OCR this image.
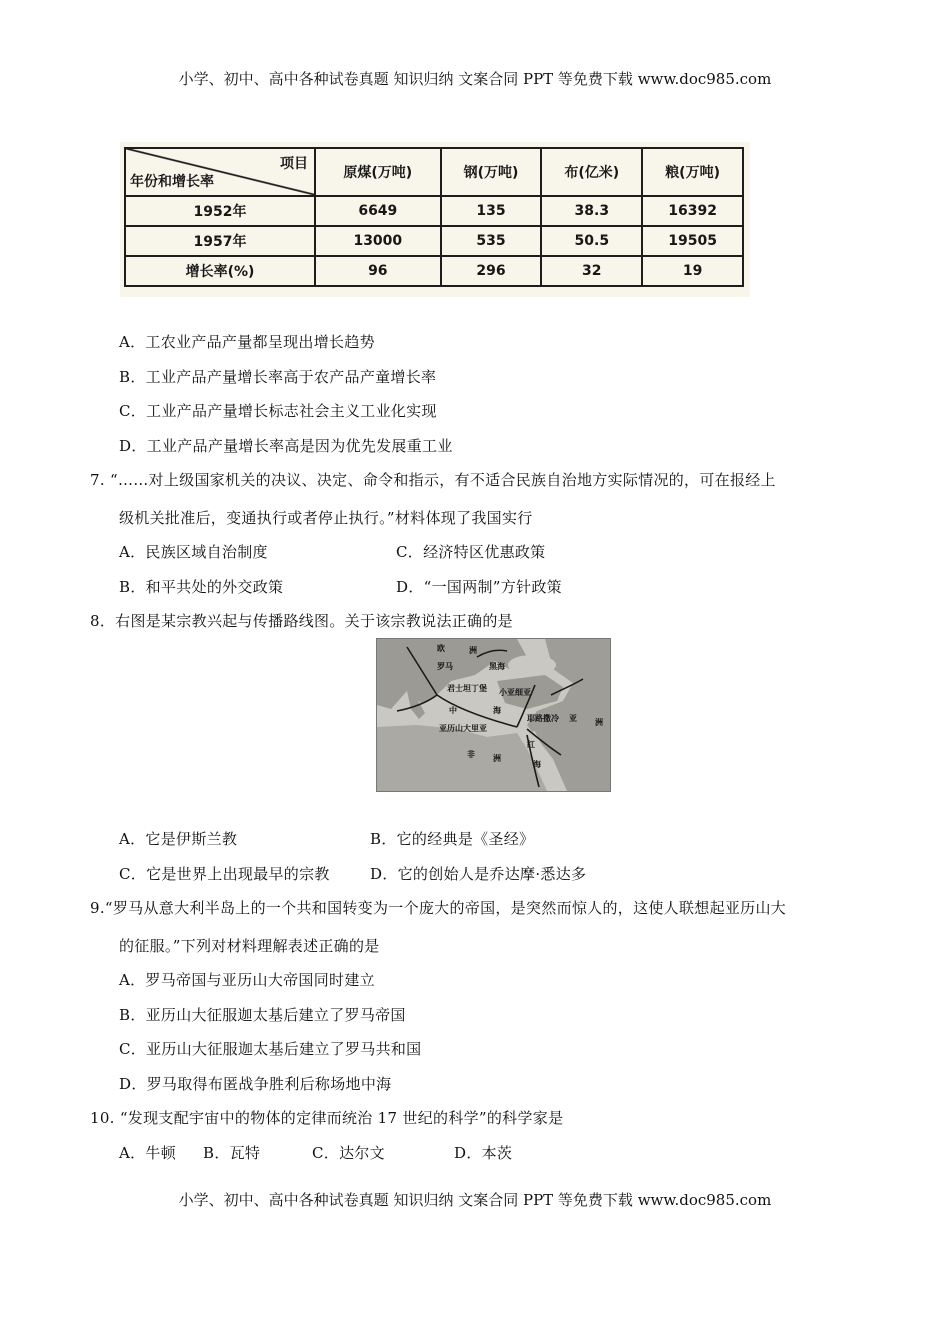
小学、初中、高中各种试卷真题 知识归纳 文案合同 PPT 等免费下载 www.doc985.com
项目
年份和增长率	原煤(万吨)	钢(万吨)	布(亿米)	粮(万吨)
1952年	6649	135	38.3	16392
1957年	13000	535	50.5	19505
增长率(%)	96	296	32	19
A．工农业产品产量都呈现出增长趋势
B．工业产品产量增长率高于农产品产童增长率
C．工业产品产量增长标志社会主义工业化实现
D．工业产品产量增长率高是因为优先发展重工业
7. “……对上级国家机关的决议、决定、命令和指示，有不适合民族自治地方实际情况的，可在报经上
级机关批准后，变通执行或者停止执行。”材料体现了我国实行
A．民族区域自治制度	C．经济特区优惠政策
B．和平共处的外交政策	D．“一国两制”方针政策
8．右图是某宗教兴起与传播路线图。关于该宗教说法正确的是
欧	洲
罗马	黑海
君士坦丁堡 小亚细亚
中	海
亚历山大里亚
耶路撒冷 亚 洲
非 洲
红
海
A．它是伊斯兰教	B．它的经典是《圣经》
C．它是世界上出现最早的宗教	D．它的创始人是乔达摩·悉达多
9.“罗马从意大利半岛上的一个共和国转变为一个庞大的帝国，是突然而惊人的，这使人联想起亚历山大
的征服。”下列对材料理解表述正确的是
A．罗马帝国与亚历山大帝国同时建立
B．亚历山大征服迦太基后建立了罗马帝国
C．亚历山大征服迦太基后建立了罗马共和国
D．罗马取得布匿战争胜利后称场地中海
10. “发现支配宇宙中的物体的定律而统治 17 世纪的科学”的科学家是
A．牛顿 B．瓦特	C．达尔文	D．本茨
小学、初中、高中各种试卷真题 知识归纳 文案合同 PPT 等免费下载 www.doc985.com
